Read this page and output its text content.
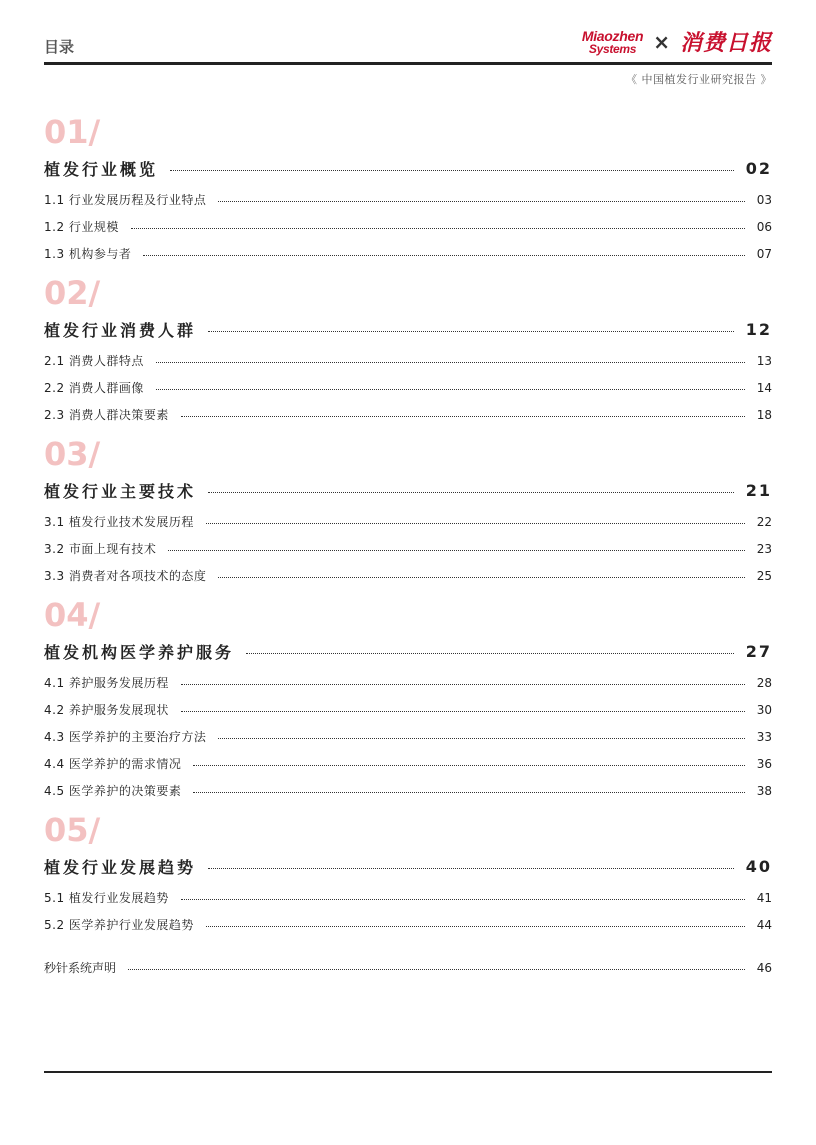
目录
Miaozhen
Systems × 消费日报
《 中国植发行业研究报告 》
01/
植发行业概览	02
1.1 行业发展历程及行业特点	03
1.2 行业规模	06
1.3 机构参与者	07
02/
植发行业消费人群	12
2.1 消费人群特点	13
2.2 消费人群画像	14
2.3 消费人群决策要素	18
03/
植发行业主要技术	21
3.1 植发行业技术发展历程	22
3.2 市面上现有技术	23
3.3 消费者对各项技术的态度	25
04/
植发机构医学养护服务	27
4.1 养护服务发展历程	28
4.2 养护服务发展现状	30
4.3 医学养护的主要治疗方法	33
4.4 医学养护的需求情况	36
4.5 医学养护的决策要素	38
05/
植发行业发展趋势	40
5.1 植发行业发展趋势	41
5.2 医学养护行业发展趋势	44
秒针系统声明	46
